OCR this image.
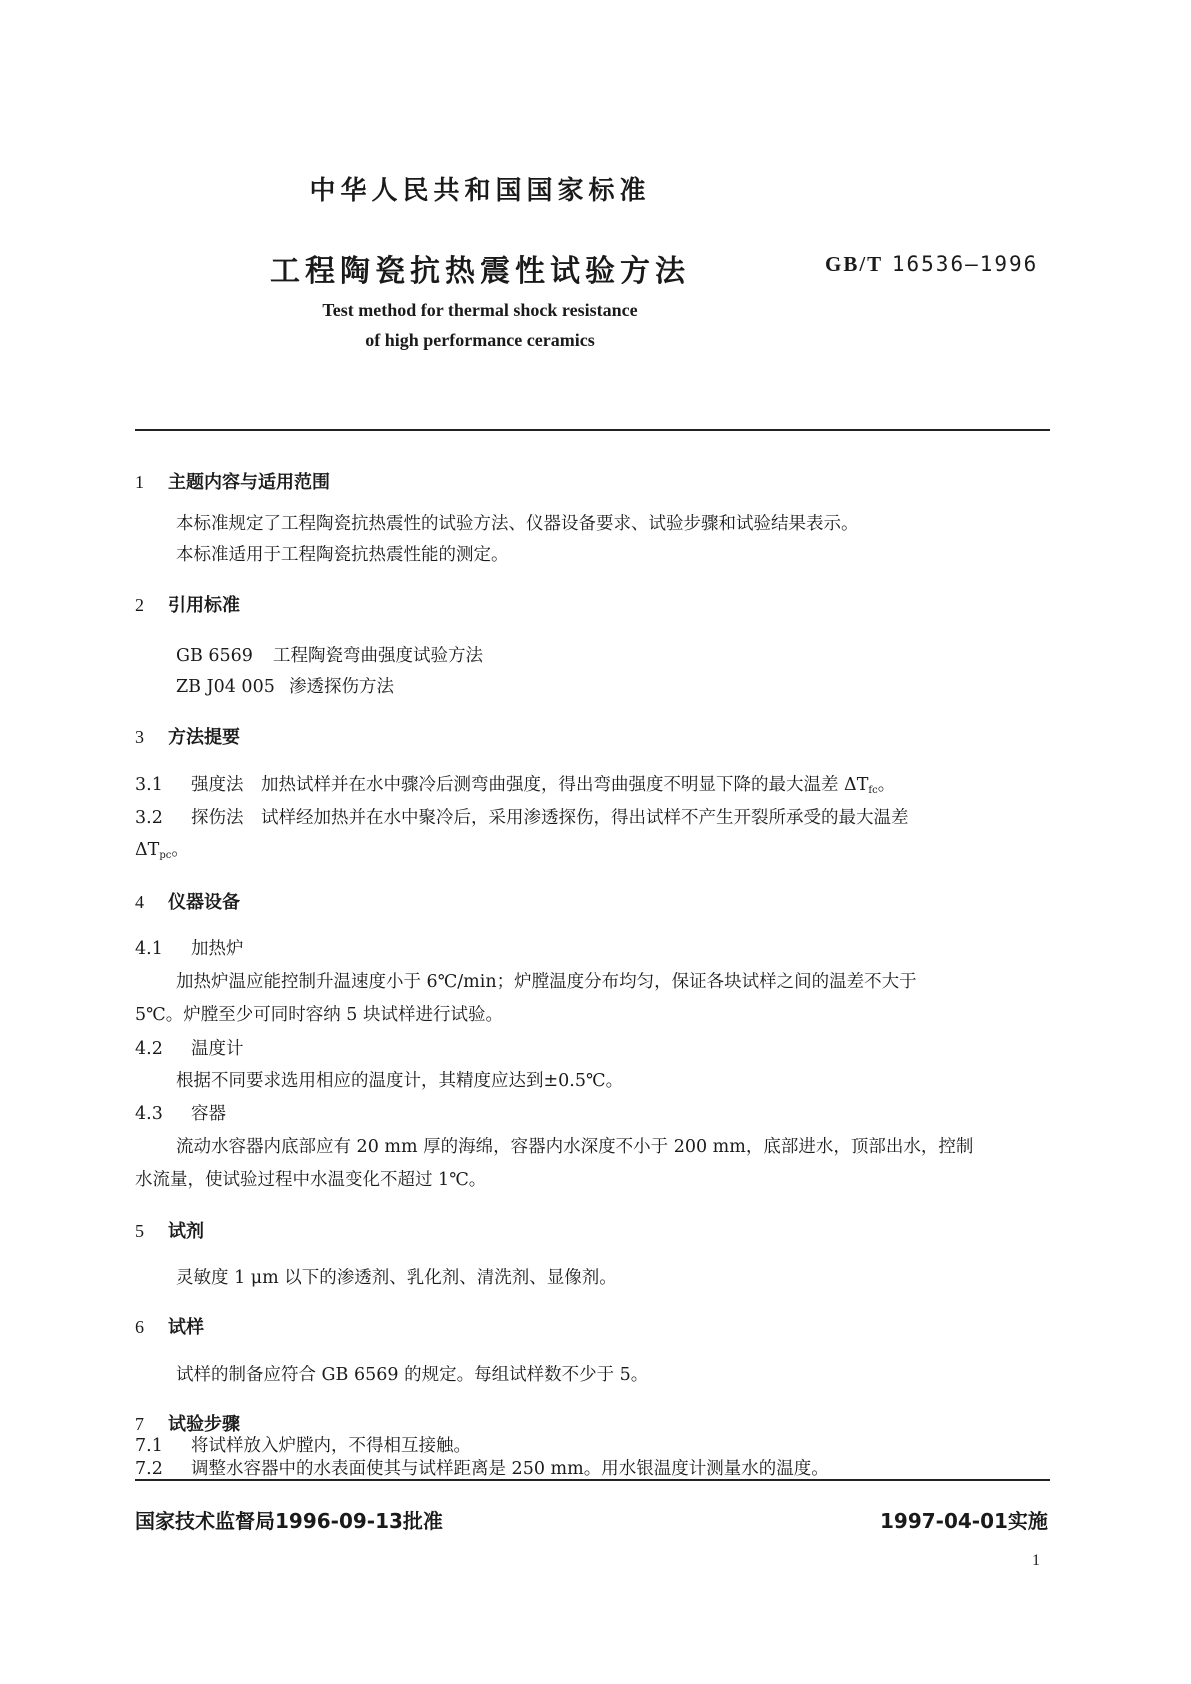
中华人民共和国国家标准
工程陶瓷抗热震性试验方法	GB/T 16536—1996
Test method for thermal shock resistance
of high performance ceramics
1 主题内容与适用范围
本标准规定了工程陶瓷抗热震性的试验方法、仪器设备要求、试验步骤和试验结果表示。
本标准适用于工程陶瓷抗热震性能的测定。
2 引用标准
GB 6569 工程陶瓷弯曲强度试验方法
ZB J04 005 渗透探伤方法
3 方法提要
3.1 强度法　加热试样并在水中骤冷后测弯曲强度，得出弯曲强度不明显下降的最大温差 $\Delta T_{fc}$。
3.2 探伤法　试样经加热并在水中聚冷后，采用渗透探伤，得出试样不产生开裂所承受的最大温差
$\Delta T_{pc}$。
4 仪器设备
4.1 加热炉
加热炉温应能控制升温速度小于 6℃/min；炉膛温度分布均匀，保证各块试样之间的温差不大于
5℃。炉膛至少可同时容纳 5 块试样进行试验。
4.2 温度计
根据不同要求选用相应的温度计，其精度应达到±0.5℃。
4.3 容器
流动水容器内底部应有 20 mm 厚的海绵，容器内水深度不小于 200 mm，底部进水，顶部出水，控制
水流量，使试验过程中水温变化不超过 1℃。
5 试剂
灵敏度 1 μm 以下的渗透剂、乳化剂、清洗剂、显像剂。
6 试样
试样的制备应符合 GB 6569 的规定。每组试样数不少于 5。
7 试验步骤
7.1 将试样放入炉膛内，不得相互接触。
7.2 调整水容器中的水表面使其与试样距离是 250 mm。用水银温度计测量水的温度。
国家技术监督局1996-09-13批准	1997-04-01实施
1
